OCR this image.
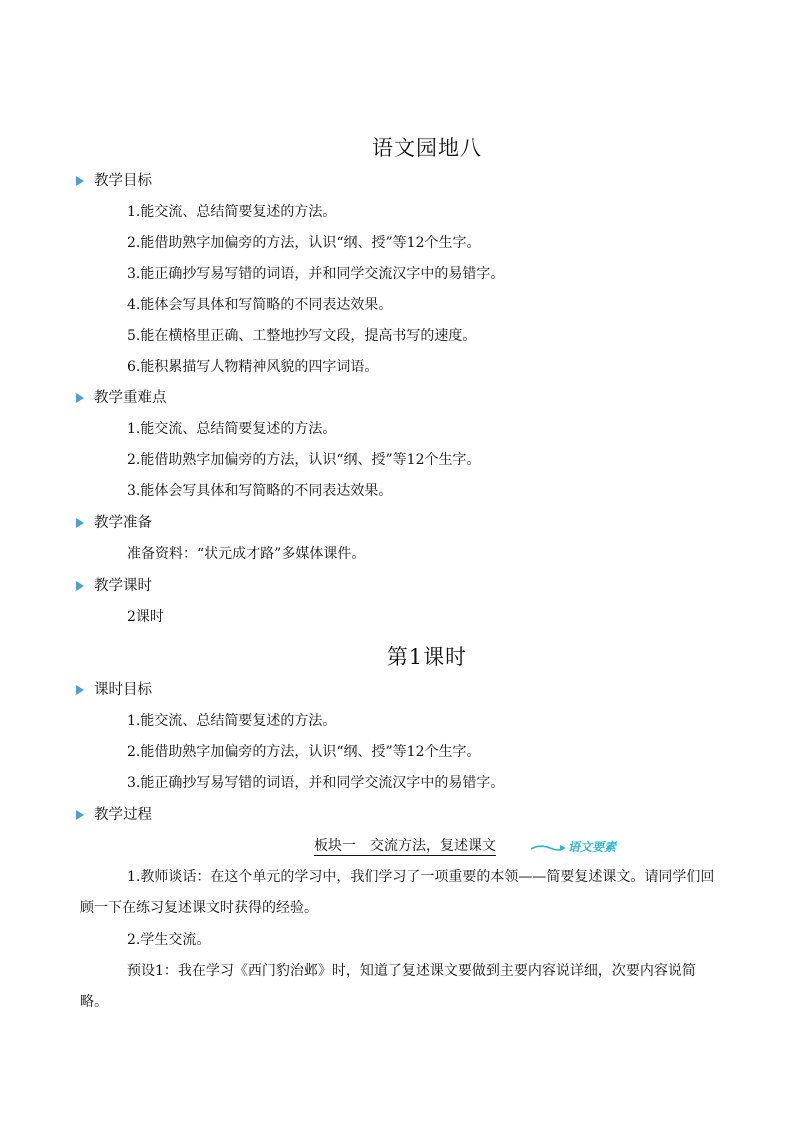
语文园地八
教学目标
1.能交流、总结简要复述的方法。
2.能借助熟字加偏旁的方法，认识“纲、授”等12个生字。
3.能正确抄写易写错的词语，并和同学交流汉字中的易错字。
4.能体会写具体和写简略的不同表达效果。
5.能在横格里正确、工整地抄写文段，提高书写的速度。
6.能积累描写人物精神风貌的四字词语。
教学重难点
1.能交流、总结简要复述的方法。
2.能借助熟字加偏旁的方法，认识“纲、授”等12个生字。
3.能体会写具体和写简略的不同表达效果。
教学准备
准备资料：“状元成才路”多媒体课件。
教学课时
2课时
第1课时
课时目标
1.能交流、总结简要复述的方法。
2.能借助熟字加偏旁的方法，认识“纲、授”等12个生字。
3.能正确抄写易写错的词语，并和同学交流汉字中的易错字。
教学过程
板块一　交流方法，复述课文	语文要素
1.教师谈话：在这个单元的学习中，我们学习了一项重要的本领——简要复述课文。请同学们回顾一下在练习复述课文时获得的经验。
2.学生交流。
预设1：我在学习《西门豹治邺》时，知道了复述课文要做到主要内容说详细，次要内容说简略。
